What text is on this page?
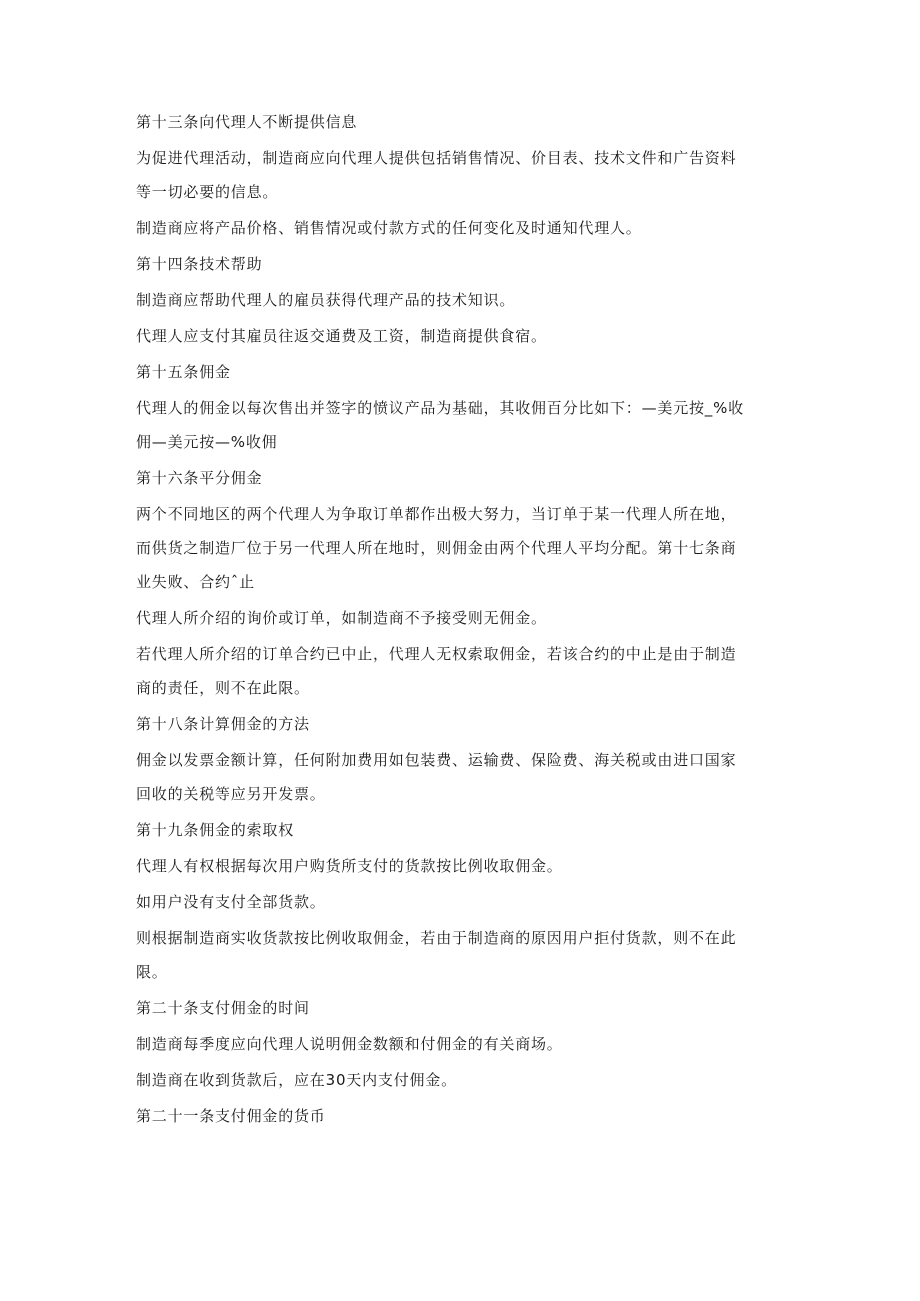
第十三条向代理人不断提供信息
为促进代理活动，制造商应向代理人提供包括销售情况、价目表、技术文件和广告资料
等一切必要的信息。
制造商应将产品价格、销售情况或付款方式的任何变化及时通知代理人。
第十四条技术帮助
制造商应帮助代理人的雇员获得代理产品的技术知识。
代理人应支付其雇员往返交通费及工资，制造商提供食宿。
第十五条佣金
代理人的佣金以每次售出并签字的愤议产品为基础，其收佣百分比如下：—美元按_%收
佣—美元按—%收佣
第十六条平分佣金
两个不同地区的两个代理人为争取订单都作出极大努力，当订单于某一代理人所在地，
而供货之制造厂位于另一代理人所在地时，则佣金由两个代理人平均分配。第十七条商
业失败、合约ˆ止
代理人所介绍的询价或订单，如制造商不予接受则无佣金。
若代理人所介绍的订单合约已中止，代理人无权索取佣金，若该合约的中止是由于制造
商的责任，则不在此限。
第十八条计算佣金的方法
佣金以发票金额计算，任何附加费用如包装费、运输费、保险费、海关税或由进口国家
回收的关税等应另开发票。
第十九条佣金的索取权
代理人有权根据每次用户购货所支付的货款按比例收取佣金。
如用户没有支付全部货款。
则根据制造商实收货款按比例收取佣金，若由于制造商的原因用户拒付货款，则不在此
限。
第二十条支付佣金的时间
制造商每季度应向代理人说明佣金数额和付佣金的有关商场。
制造商在收到货款后，应在30天内支付佣金。
第二十一条支付佣金的货币
